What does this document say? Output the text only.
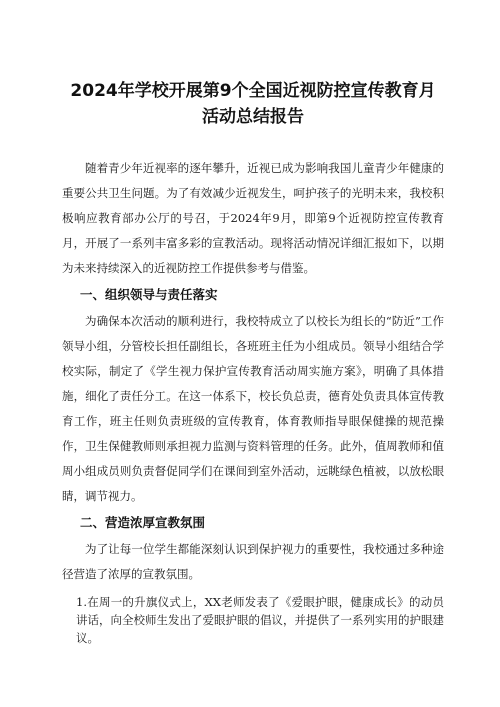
2024年学校开展第9个全国近视防控宣传教育月
活动总结报告

随着青少年近视率的逐年攀升，近视已成为影响我国儿童青少年健康的重要公共卫生问题。为了有效减少近视发生，呵护孩子的光明未来，我校积极响应教育部办公厅的号召，于2024年9月，即第9个近视防控宣传教育月，开展了一系列丰富多彩的宣教活动。现将活动情况详细汇报如下，以期为未来持续深入的近视防控工作提供参考与借鉴。

一、组织领导与责任落实

为确保本次活动的顺利进行，我校特成立了以校长为组长的“防近”工作领导小组，分管校长担任副组长，各班班主任为小组成员。领导小组结合学校实际，制定了《学生视力保护宣传教育活动周实施方案》，明确了具体措施，细化了责任分工。在这一体系下，校长负总责，德育处负责具体宣传教育工作，班主任则负责班级的宣传教育，体育教师指导眼保健操的规范操作，卫生保健教师则承担视力监测与资料管理的任务。此外，值周教师和值周小组成员则负责督促同学们在课间到室外活动，远眺绿色植被，以放松眼睛，调节视力。

二、营造浓厚宣教氛围

为了让每一位学生都能深刻认识到保护视力的重要性，我校通过多种途径营造了浓厚的宣教氛围。

1.在周一的升旗仪式上，XX老师发表了《爱眼护眼，健康成长》的动员讲话，向全校师生发出了爱眼护眼的倡议，并提供了一系列实用的护眼建议。
